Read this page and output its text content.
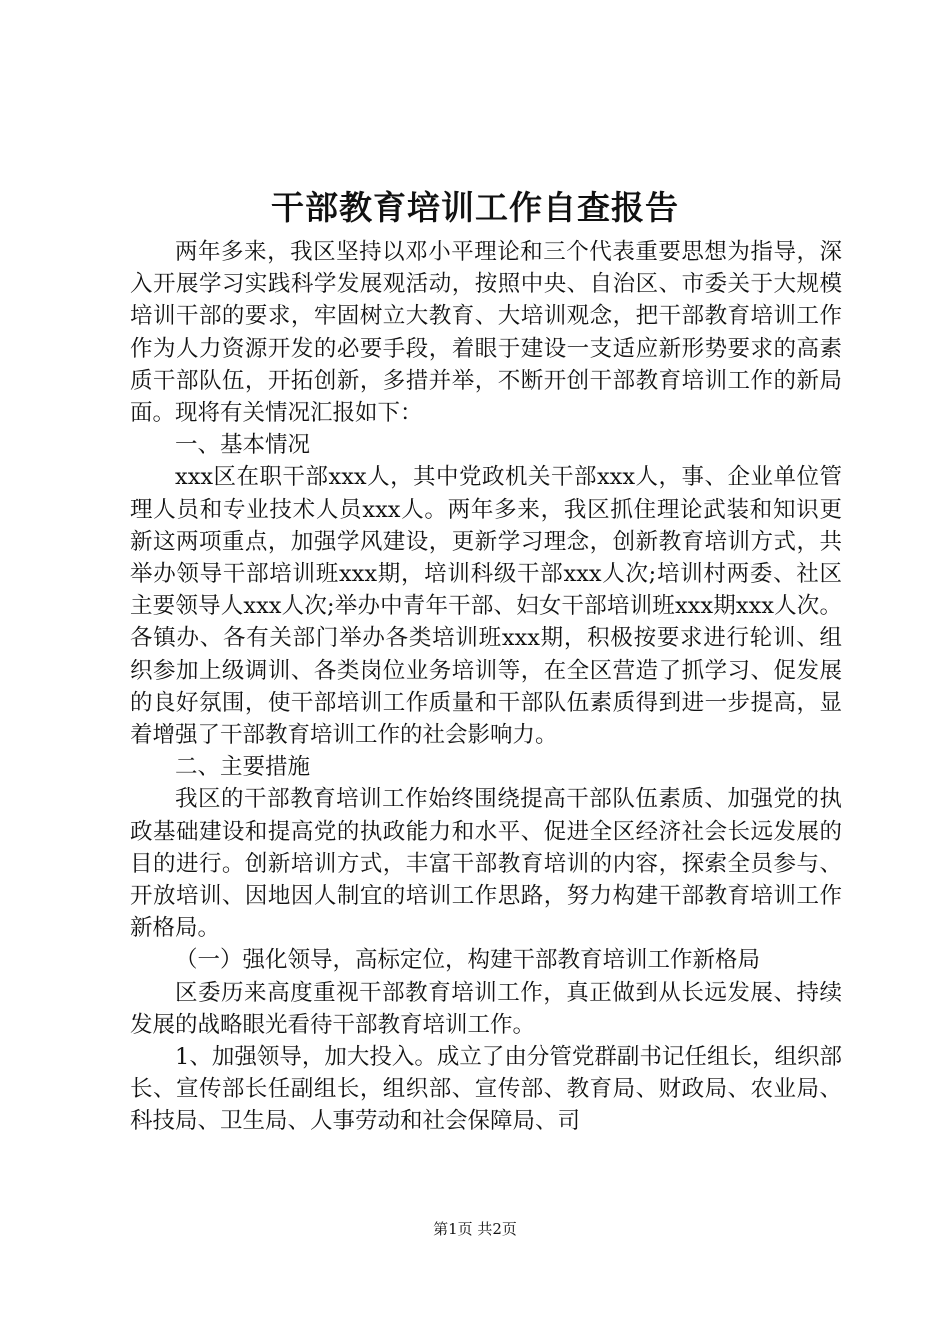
干部教育培训工作自查报告

两年多来，我区坚持以邓小平理论和三个代表重要思想为指导，深入开展学习实践科学发展观活动，按照中央、自治区、市委关于大规模培训干部的要求，牢固树立大教育、大培训观念，把干部教育培训工作作为人力资源开发的必要手段，着眼于建设一支适应新形势要求的高素质干部队伍，开拓创新，多措并举，不断开创干部教育培训工作的新局面。现将有关情况汇报如下：

一、基本情况

xxx区在职干部xxx人，其中党政机关干部xxx人，事、企业单位管理人员和专业技术人员xxx人。两年多来，我区抓住理论武装和知识更新这两项重点，加强学风建设，更新学习理念，创新教育培训方式，共举办领导干部培训班xxx期，培训科级干部xxx人次;培训村两委、社区主要领导人xxx人次;举办中青年干部、妇女干部培训班xxx期xxx人次。各镇办、各有关部门举办各类培训班xxx期，积极按要求进行轮训、组织参加上级调训、各类岗位业务培训等，在全区营造了抓学习、促发展的良好氛围，使干部培训工作质量和干部队伍素质得到进一步提高，显着增强了干部教育培训工作的社会影响力。

二、主要措施

我区的干部教育培训工作始终围绕提高干部队伍素质、加强党的执政基础建设和提高党的执政能力和水平、促进全区经济社会长远发展的目的进行。创新培训方式，丰富干部教育培训的内容，探索全员参与、开放培训、因地因人制宜的培训工作思路，努力构建干部教育培训工作新格局。

（一）强化领导，高标定位，构建干部教育培训工作新格局

区委历来高度重视干部教育培训工作，真正做到从长远发展、持续发展的战略眼光看待干部教育培训工作。

1、加强领导，加大投入。成立了由分管党群副书记任组长，组织部长、宣传部长任副组长，组织部、宣传部、教育局、财政局、农业局、科技局、卫生局、人事劳动和社会保障局、司

第1页 共2页
